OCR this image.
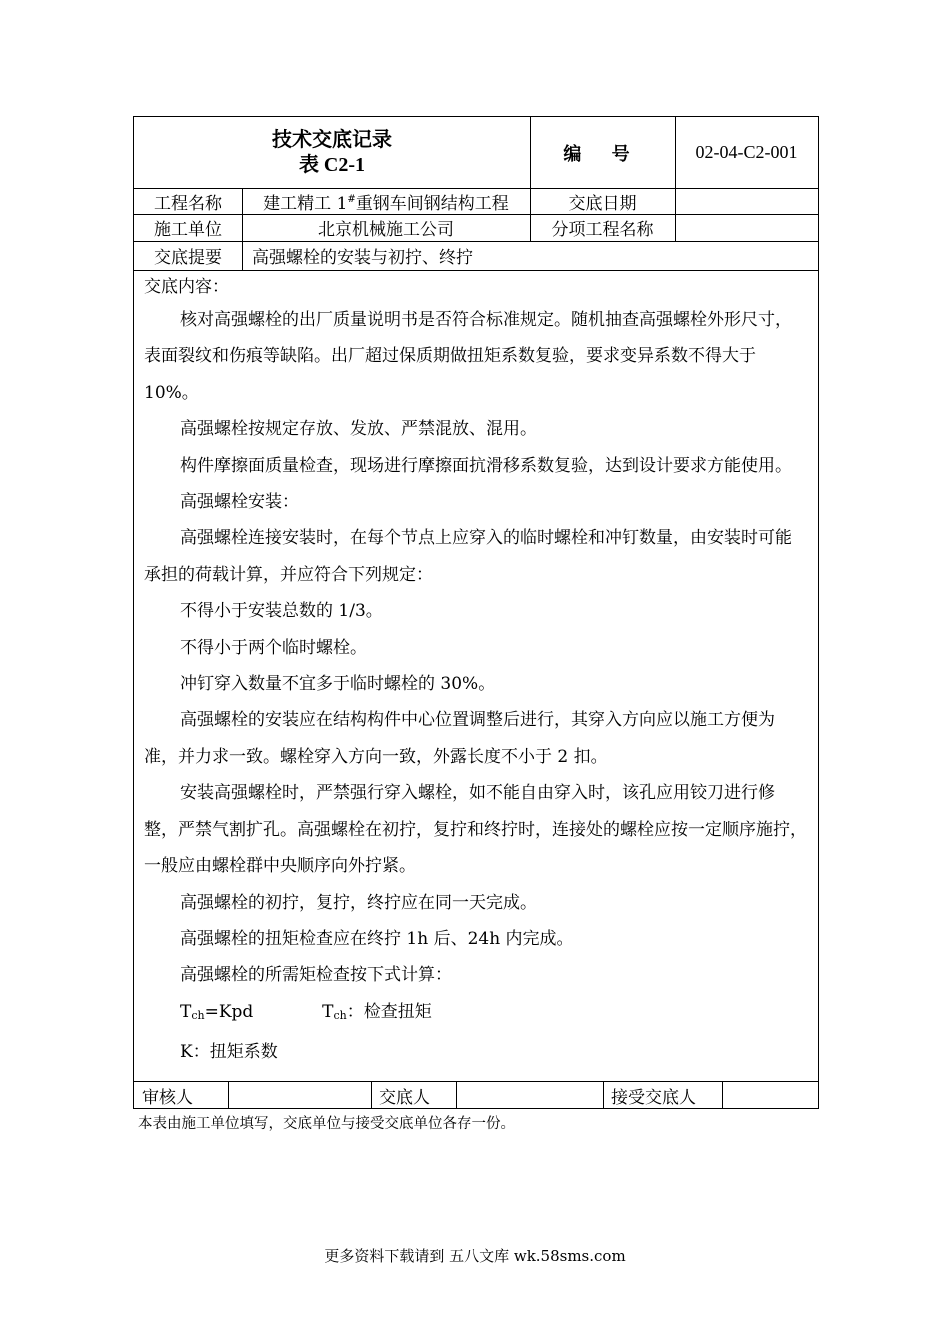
技术交底记录
表 C2-1	编 号	02-04-C2-001
工程名称 建工精工 1#重钢车间钢结构工程	交底日期
施工单位	北京机械施工公司	分项工程名称
交底提要 高强螺栓的安装与初拧、终拧

交底内容：

核对高强螺栓的出厂质量说明书是否符合标准规定。随机抽查高强螺栓外形尺寸，表面裂纹和伤痕等缺陷。出厂超过保质期做扭矩系数复验，要求变异系数不得大于 10%。

高强螺栓按规定存放、发放、严禁混放、混用。

构件摩擦面质量检查，现场进行摩擦面抗滑移系数复验，达到设计要求方能使用。

高强螺栓安装：

高强螺栓连接安装时，在每个节点上应穿入的临时螺栓和冲钉数量，由安装时可能承担的荷载计算，并应符合下列规定：

不得小于安装总数的 1/3。

不得小于两个临时螺栓。

冲钉穿入数量不宜多于临时螺栓的 30%。

高强螺栓的安装应在结构构件中心位置调整后进行，其穿入方向应以施工方便为准，并力求一致。螺栓穿入方向一致，外露长度不小于 2 扣。

安装高强螺栓时，严禁强行穿入螺栓，如不能自由穿入时，该孔应用铰刀进行修整，严禁气割扩孔。高强螺栓在初拧，复拧和终拧时，连接处的螺栓应按一定顺序施拧，一般应由螺栓群中央顺序向外拧紧。

高强螺栓的初拧，复拧，终拧应在同一天完成。

高强螺栓的扭矩检查应在终拧 1h 后、24h 内完成。

高强螺栓的所需矩检查按下式计算：

Tch=Kpd	Tch：检查扭矩

K：扭矩系数

审核人	交底人	接受交底人
本表由施工单位填写，交底单位与接受交底单位各存一份。
更多资料下载请到 五八文库 wk.58sms.com
